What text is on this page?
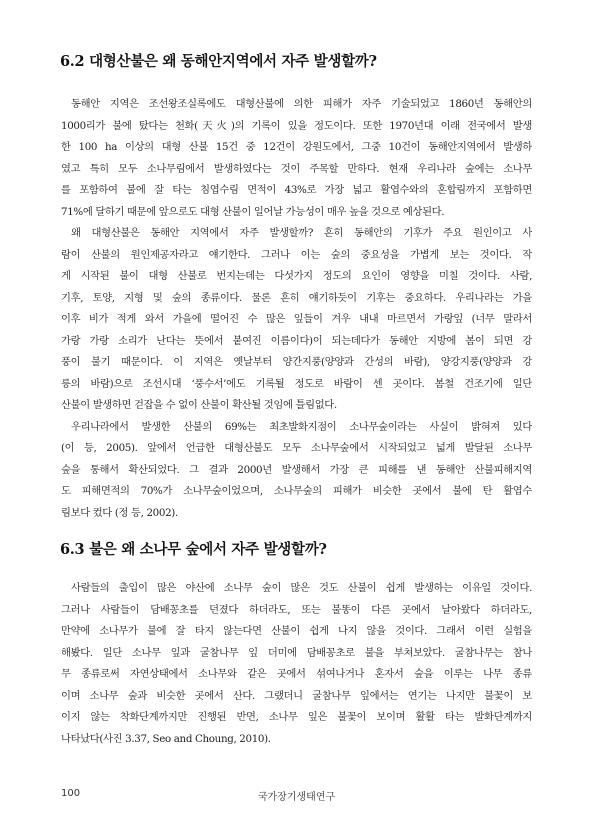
6.2 대형산불은 왜 동해안지역에서 자주 발생할까?
동해안 지역은 조선왕조실록에도 대형산불에 의한 피해가 자주 기술되었고 1860년 동해안의
1000리가 불에 탔다는 천화(天火)의 기록이 있을 정도이다. 또한 1970년대 이래 전국에서 발생
한 100 ha 이상의 대형 산불 15건 중 12건이 강원도에서, 그중 10건이 동해안지역에서 발생하
였고 특히 모두 소나무림에서 발생하였다는 것이 주목할 만하다. 현재 우리나라 숲에는 소나무
를 포함하여 불에 잘 타는 침엽수림 면적이 43%로 가장 넓고 활엽수와의 혼합림까지 포함하면
71%에 달하기 때문에 앞으로도 대형 산불이 일어날 가능성이 매우 높을 것으로 예상된다.
왜 대형산불은 동해안 지역에서 자주 발생할까? 흔히 동해안의 기후가 주요 원인이고 사
람이 산불의 원인제공자라고 얘기한다. 그러나 이는 숲의 중요성을 가볍게 보는 것이다. 작
게 시작된 불이 대형 산불로 번지는데는 다섯가지 정도의 요인이 영향을 미칠 것이다. 사람,
기후, 토양, 지형 및 숲의 종류이다. 물론 흔히 얘기하듯이 기후는 중요하다. 우리나라는 가을
이후 비가 적게 와서 가을에 떨어진 수 많은 잎들이 겨우 내내 마르면서 가랑잎 (너무 말라서
가랑 가랑 소리가 난다는 뜻에서 붙여진 이름이다)이 되는데다가 동해안 지방에 봄이 되면 강
풍이 불기 때문이다. 이 지역은 옛날부터 양간지풍(양양과 간성의 바람), 양강지풍(양양과 강
릉의 바람)으로 조선시대 ‘풍수서’에도 기록될 정도로 바람이 센 곳이다. 봄철 건조기에 일단
산불이 발생하면 걷잡을 수 없이 산불이 확산될 것임에 틀림없다.
우리나라에서 발생한 산불의 69%는 최초발화지점이 소나무숲이라는 사실이 밝혀져 있다
(이 등, 2005). 앞에서 언급한 대형산불도 모두 소나무숲에서 시작되었고 넓게 발달된 소나무
숲을 통해서 확산되었다. 그 결과 2000년 발생해서 가장 큰 피해를 낸 동해안 산불피해지역
도 피해면적의 70%가 소나무숲이었으며, 소나무숲의 피해가 비슷한 곳에서 불에 탄 활엽수
림보다 컸다 (정 등, 2002).
6.3 불은 왜 소나무 숲에서 자주 발생할까?
사람들의 출입이 많은 야산에 소나무 숲이 많은 것도 산불이 쉽게 발생하는 이유일 것이다.
그러나 사람들이 담배꽁초를 던졌다 하더라도, 또는 불똥이 다른 곳에서 날아왔다 하더라도,
만약에 소나무가 불에 잘 타지 않는다면 산불이 쉽게 나지 않을 것이다. 그래서 이런 실험을
해봤다. 일단 소나무 잎과 굴참나무 잎 더미에 담배꽁초로 불을 부쳐보았다. 굴참나무는 참나
무 종류로써 자연상태에서 소나무와 같은 곳에서 섞여나거나 혼자서 숲을 이루는 나무 종류
이며 소나무 숲과 비슷한 곳에서 산다. 그랬더니 굴참나무 잎에서는 연기는 나지만 불꽃이 보
이지 않는 착화단계까지만 진행된 반면, 소나무 잎은 불꽃이 보이며 활활 타는 발화단계까지
나타났다(사진 3.37, Seo and Choung, 2010).
100	국가장기생태연구
